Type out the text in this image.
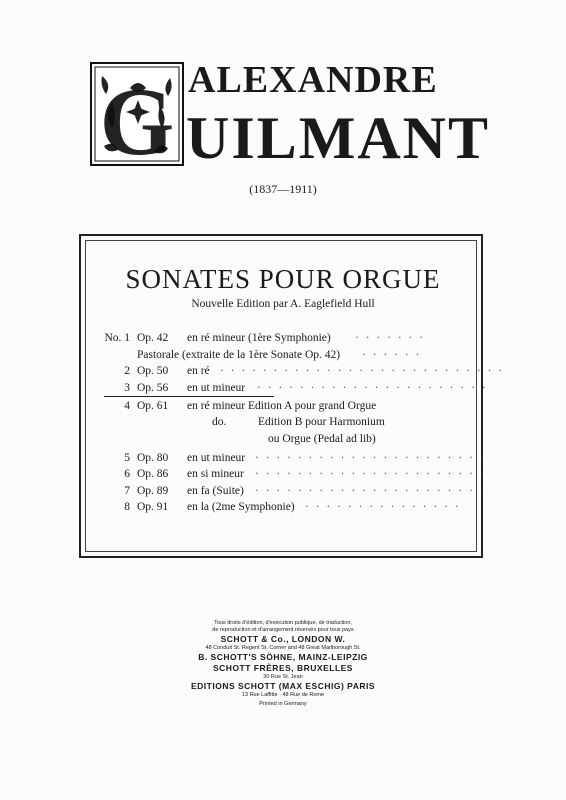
G ALEXANDRE
UILMANT
(1837—1911)
SONATES POUR ORGUE
Nouvelle Edition par A. Eaglefield Hull
No. 1 Op. 42 en ré mineur (1ère Symphonie) · · · · · · ·
Pastorale (extraite de la 1ère Sonate Op. 42) · · · · · ·
2 Op. 50 en ré · · · · · · · · · · · · · · · · · · · · · · · · · · ·
3 Op. 56 en ut mineur · · · · · · · · · · · · · · · · · · · · · ·
4 Op. 61 en ré mineur Edition A pour grand Orgue
do.	Edition B pour Harmonium
ou Orgue (Pedal ad lib)
5 Op. 80 en ut mineur · · · · · · · · · · · · · · · · · · · · · ·
6 Op. 86 en si mineur · · · · · · · · · · · · · · · · · · · · · ·
7 Op. 89 en fa (Suite) · · · · · · · · · · · · · · · · · · · · · ·
8 Op. 91 en la (2me Symphonie) · · · · · · · · · · · · · · ·
Tous droits d'édition, d'exécution publique, de traduction,
de reproduction et d'arrangement réservés pour tous pays
SCHOTT & Co., LONDON W.
48 Conduit St. Regent St. Corner and 48 Great Marlborough St.
B. SCHOTT'S SÖHNE, MAINZ-LEIPZIG
SCHOTT FRÈRES, BRUXELLES
30 Rue St. Jean
EDITIONS SCHOTT (MAX ESCHIG) PARIS
13 Rue Laffitte · 48 Rue de Rome
Printed in Germany
